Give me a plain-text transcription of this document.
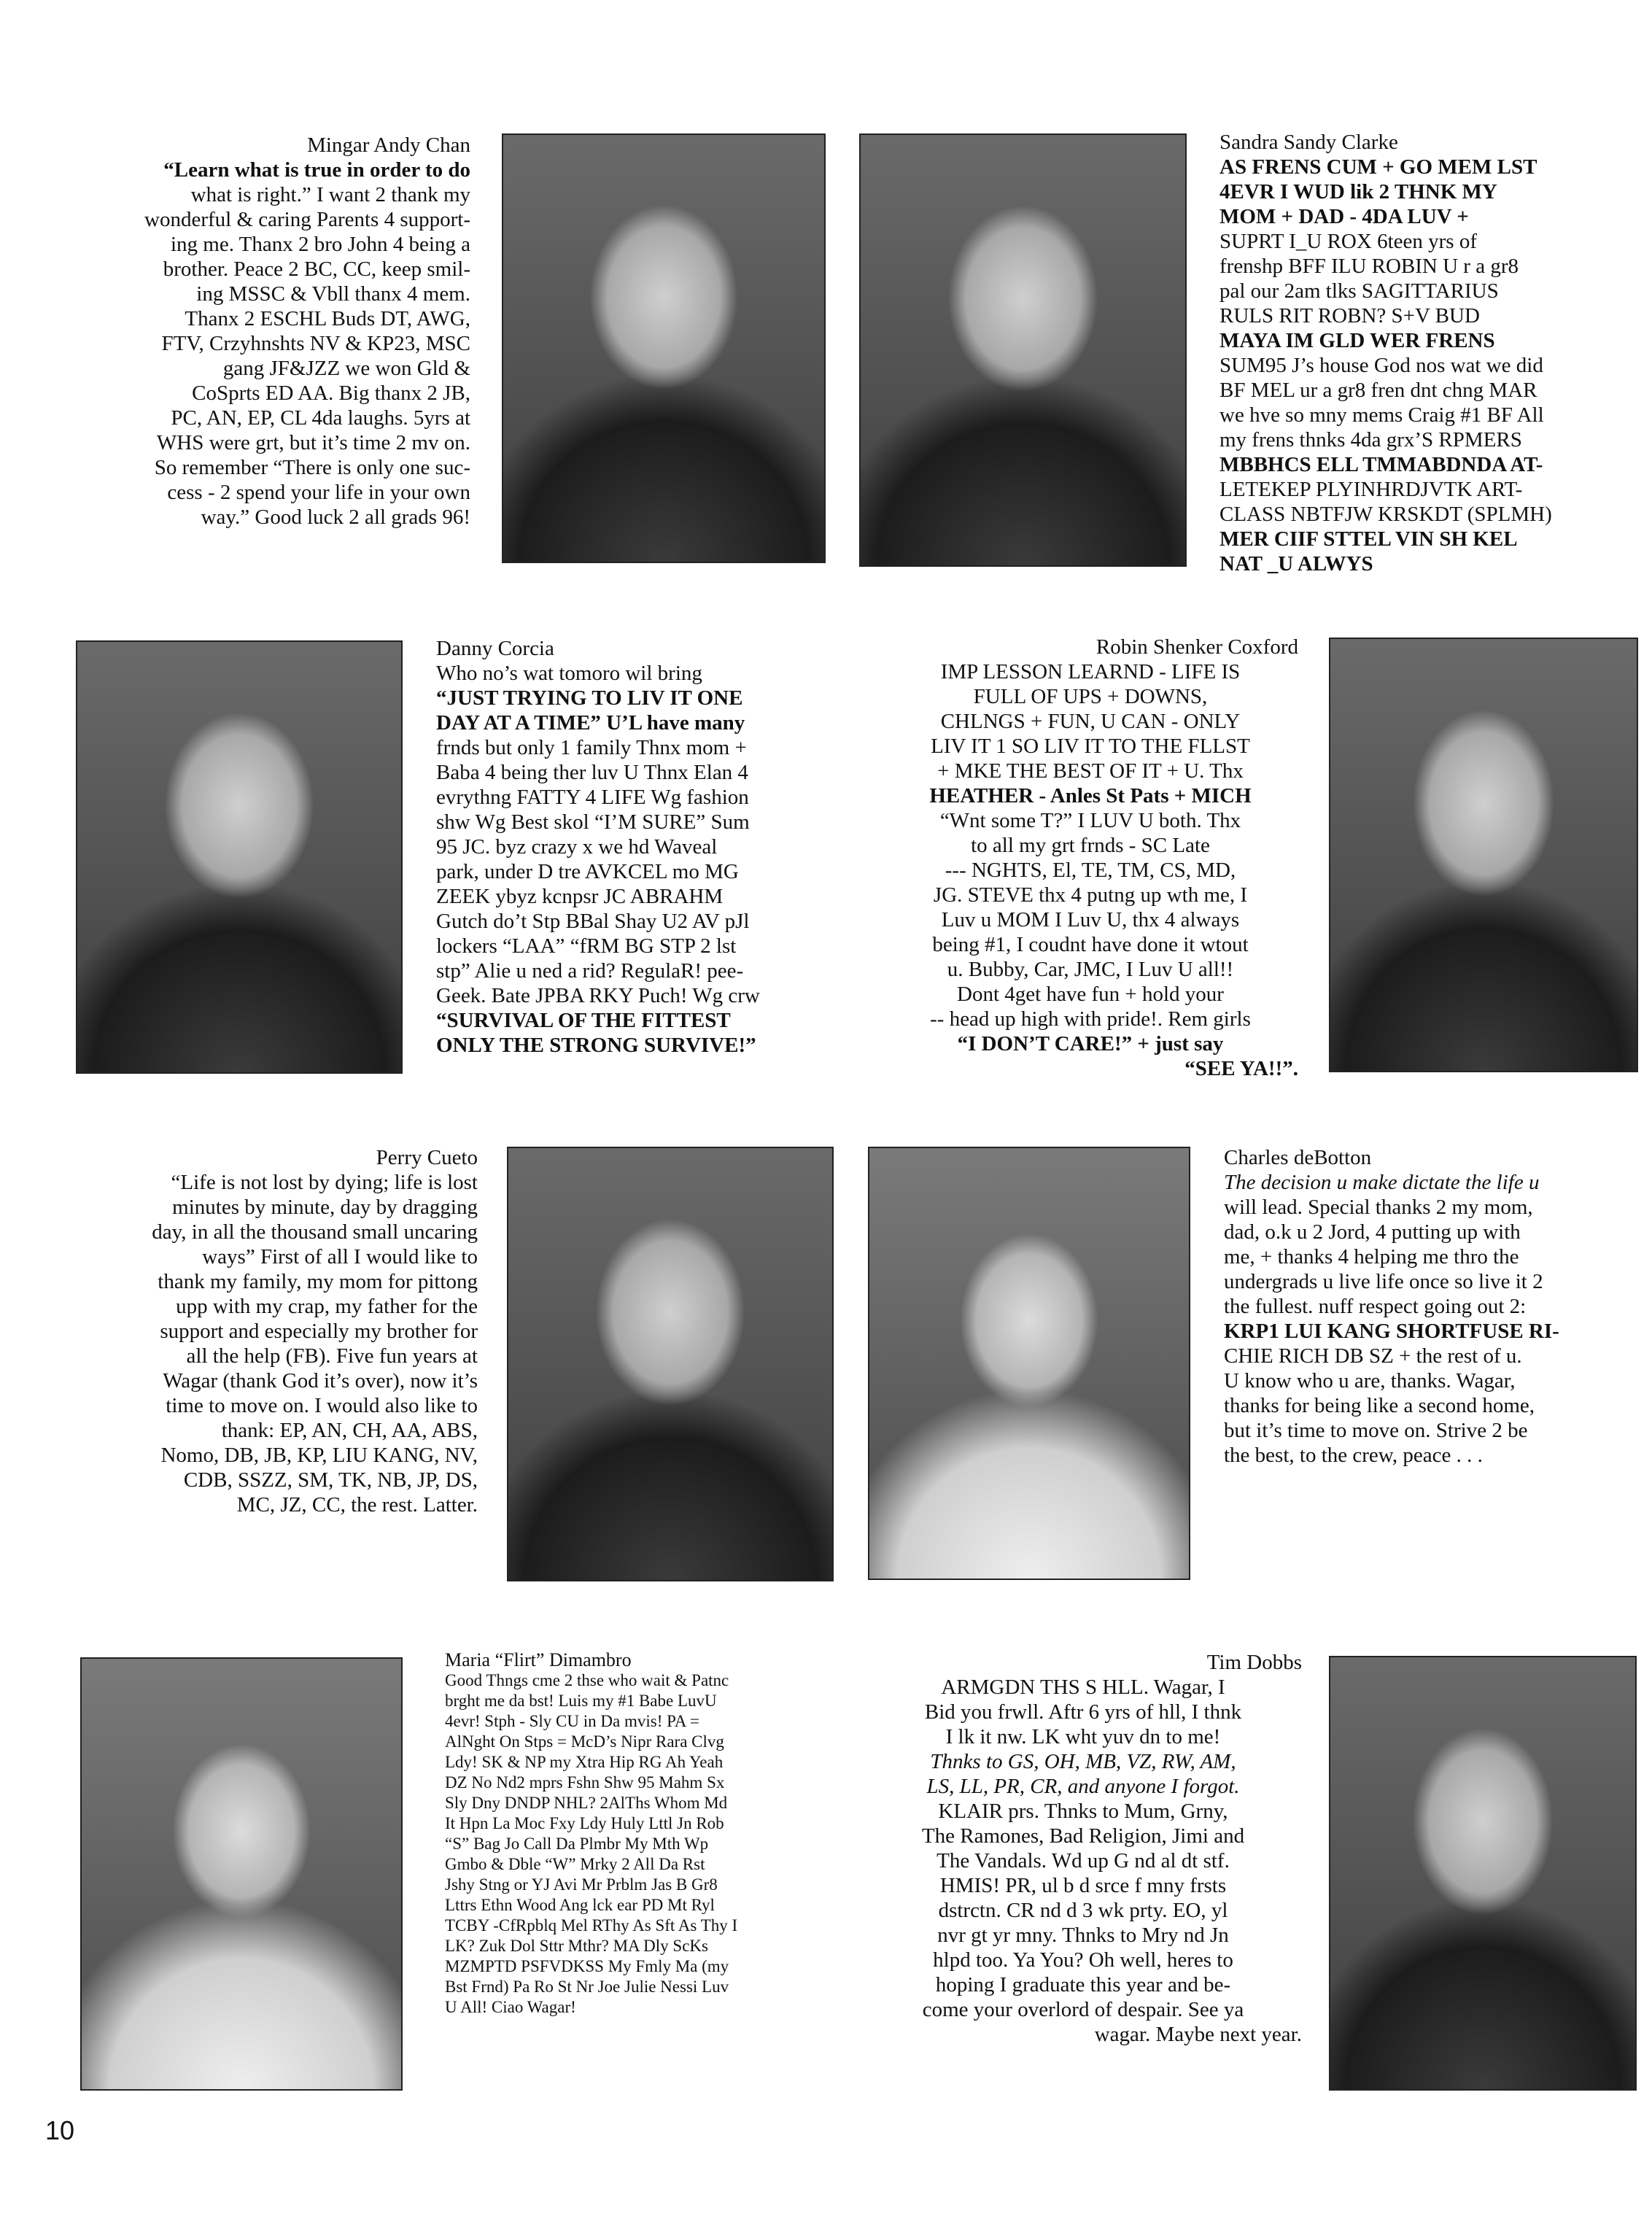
Mingar Andy Chan

“Learn what is true in order to do

what is right.” I want 2 thank my

wonderful & caring Parents 4 support-

ing me. Thanx 2 bro John 4 being a

brother. Peace 2 BC, CC, keep smil-

ing MSSC & Vbll thanx 4 mem.

Thanx 2 ESCHL Buds DT, AWG,

FTV, Crzyhnshts NV & KP23, MSC

gang JF&JZZ we won Gld &

CoSprts ED AA. Big thanx 2 JB,

PC, AN, EP, CL 4da laughs. 5yrs at

WHS were grt, but it’s time 2 mv on.

So remember “There is only one suc-

cess - 2 spend your life in your own

way.” Good luck 2 all grads 96!

Sandra Sandy Clarke

AS FRENS CUM + GO MEM LST

4EVR I WUD lik 2 THNK MY

MOM + DAD - 4DA LUV +

SUPRT I_U ROX 6teen yrs of

frenshp BFF ILU ROBIN U r a gr8

pal our 2am tlks SAGITTARIUS

RULS RIT ROBN? S+V BUD

MAYA IM GLD WER FRENS

SUM95 J’s house God nos wat we did

BF MEL ur a gr8 fren dnt chng MAR

we hve so mny mems Craig #1 BF All

my frens thnks 4da grx’S RPMERS

MBBHCS ELL TMMABDNDA AT-

LETEKEP PLYINHRDJVTK ART-

CLASS NBTFJW KRSKDT (SPLMH)

MER CIIF STTEL VIN SH KEL

NAT _U ALWYS

Danny Corcia

Who no’s wat tomoro wil bring

“JUST TRYING TO LIV IT ONE

DAY AT A TIME” U’L have many

frnds but only 1 family Thnx mom +

Baba 4 being ther luv U Thnx Elan 4

evrythng FATTY 4 LIFE Wg fashion

shw Wg Best skol “I’M SURE” Sum

95 JC. byz crazy x we hd Waveal

park, under D tre AVKCEL mo MG

ZEEK ybyz kcnpsr JC ABRAHM

Gutch do’t Stp BBal Shay U2 AV pJl

lockers “LAA” “fRM BG STP 2 lst

stp” Alie u ned a rid? RegulaR! pee-

Geek. Bate JPBA RKY Puch! Wg crw

“SURVIVAL OF THE FITTEST

ONLY THE STRONG SURVIVE!”

Robin Shenker Coxford

IMP LESSON LEARND - LIFE IS

FULL OF UPS + DOWNS,

CHLNGS + FUN, U CAN - ONLY

LIV IT 1 SO LIV IT TO THE FLLST

+ MKE THE BEST OF IT + U. Thx

HEATHER - Anles St Pats + MICH

“Wnt some T?” I LUV U both. Thx

to all my grt frnds - SC Late

--- NGHTS, El, TE, TM, CS, MD,

JG. STEVE thx 4 putng up wth me, I

Luv u MOM I Luv U, thx 4 always

being #1, I coudnt have done it wtout

u. Bubby, Car, JMC, I Luv U all!!

Dont 4get have fun + hold your

-- head up high with pride!. Rem girls

“I DON’T CARE!” + just say

“SEE YA!!”.

Perry Cueto

“Life is not lost by dying; life is lost

minutes by minute, day by dragging

day, in all the thousand small uncaring

ways” First of all I would like to

thank my family, my mom for pittong

upp with my crap, my father for the

support and especially my brother for

all the help (FB). Five fun years at

Wagar (thank God it’s over), now it’s

time to move on. I would also like to

thank: EP, AN, CH, AA, ABS,

Nomo, DB, JB, KP, LIU KANG, NV,

CDB, SSZZ, SM, TK, NB, JP, DS,

MC, JZ, CC, the rest. Latter.

Charles deBotton

The decision u make dictate the life u

will lead. Special thanks 2 my mom,

dad, o.k u 2 Jord, 4 putting up with

me, + thanks 4 helping me thro the

undergrads u live life once so live it 2

the fullest. nuff respect going out 2:

KRP1 LUI KANG SHORTFUSE RI-

CHIE RICH DB SZ + the rest of u.

U know who u are, thanks. Wagar,

thanks for being like a second home,

but it’s time to move on. Strive 2 be

the best, to the crew, peace . . .

Maria “Flirt” Dimambro

Good Thngs cme 2 thse who wait & Patnc

brght me da bst! Luis my #1 Babe LuvU

4evr! Stph - Sly CU in Da mvis! PA =

AlNght On Stps = McD’s Nipr Rara Clvg

Ldy! SK & NP my Xtra Hip RG Ah Yeah

DZ No Nd2 mprs Fshn Shw 95 Mahm Sx

Sly Dny DNDP NHL? 2AlThs Whom Md

It Hpn La Moc Fxy Ldy Huly Lttl Jn Rob

“S” Bag Jo Call Da Plmbr My Mth Wp

Gmbo & Dble “W” Mrky 2 All Da Rst

Jshy Stng or YJ Avi Mr Prblm Jas B Gr8

Lttrs Ethn Wood Ang lck ear PD Mt Ryl

TCBY -CfRpblq Mel RThy As Sft As Thy I

LK? Zuk Dol Sttr Mthr? MA Dly ScKs

MZMPTD PSFVDKSS My Fmly Ma (my

Bst Frnd) Pa Ro St Nr Joe Julie Nessi Luv

U All! Ciao Wagar!

Tim Dobbs

ARMGDN THS S HLL. Wagar, I

Bid you frwll. Aftr 6 yrs of hll, I thnk

I lk it nw. LK wht yuv dn to me!

Thnks to GS, OH, MB, VZ, RW, AM,

LS, LL, PR, CR, and anyone I forgot.

KLAIR prs. Thnks to Mum, Grny,

The Ramones, Bad Religion, Jimi and

The Vandals. Wd up G nd al dt stf.

HMIS! PR, ul b d srce f mny frsts

dstrctn. CR nd d 3 wk prty. EO, yl

nvr gt yr mny. Thnks to Mry nd Jn

hlpd too. Ya You? Oh well, heres to

hoping I graduate this year and be-

come your overlord of despair. See ya

wagar. Maybe next year.

10
